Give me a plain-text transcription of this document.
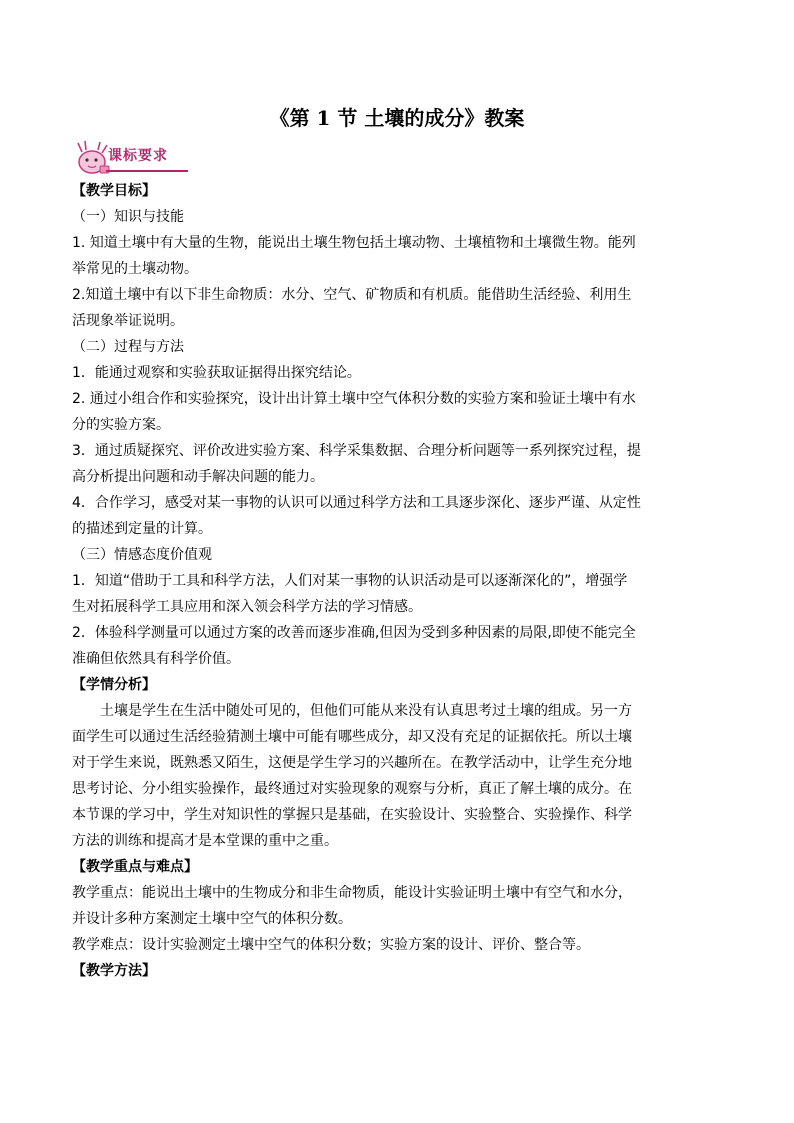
《第 1 节 土壤的成分》教案
课标要求
【教学目标】
（一）知识与技能
1. 知道土壤中有大量的生物，能说出土壤生物包括土壤动物、土壤植物和土壤微生物。能列
举常见的土壤动物。
2.知道土壤中有以下非生命物质：水分、空气、矿物质和有机质。能借助生活经验、利用生
活现象举证说明。
（二）过程与方法
1．能通过观察和实验获取证据得出探究结论。
2. 通过小组合作和实验探究，设计出计算土壤中空气体积分数的实验方案和验证土壤中有水
分的实验方案。
3．通过质疑探究、评价改进实验方案、科学采集数据、合理分析问题等一系列探究过程，提
高分析提出问题和动手解决问题的能力。
4．合作学习，感受对某一事物的认识可以通过科学方法和工具逐步深化、逐步严谨、从定性
的描述到定量的计算。
（三）情感态度价值观
1．知道“借助于工具和科学方法，人们对某一事物的认识活动是可以逐渐深化的”，增强学
生对拓展科学工具应用和深入领会科学方法的学习情感。
2．体验科学测量可以通过方案的改善而逐步准确,但因为受到多种因素的局限,即使不能完全
准确但依然具有科学价值。
【学情分析】
土壤是学生在生活中随处可见的，但他们可能从来没有认真思考过土壤的组成。另一方
面学生可以通过生活经验猜测土壤中可能有哪些成分，却又没有充足的证据依托。所以土壤
对于学生来说，既熟悉又陌生，这便是学生学习的兴趣所在。在教学活动中，让学生充分地
思考讨论、分小组实验操作，最终通过对实验现象的观察与分析，真正了解土壤的成分。在
本节课的学习中，学生对知识性的掌握只是基础，在实验设计、实验整合、实验操作、科学
方法的训练和提高才是本堂课的重中之重。
【教学重点与难点】
教学重点：能说出土壤中的生物成分和非生命物质，能设计实验证明土壤中有空气和水分，
并设计多种方案测定土壤中空气的体积分数。
教学难点：设计实验测定土壤中空气的体积分数；实验方案的设计、评价、整合等。
【教学方法】
